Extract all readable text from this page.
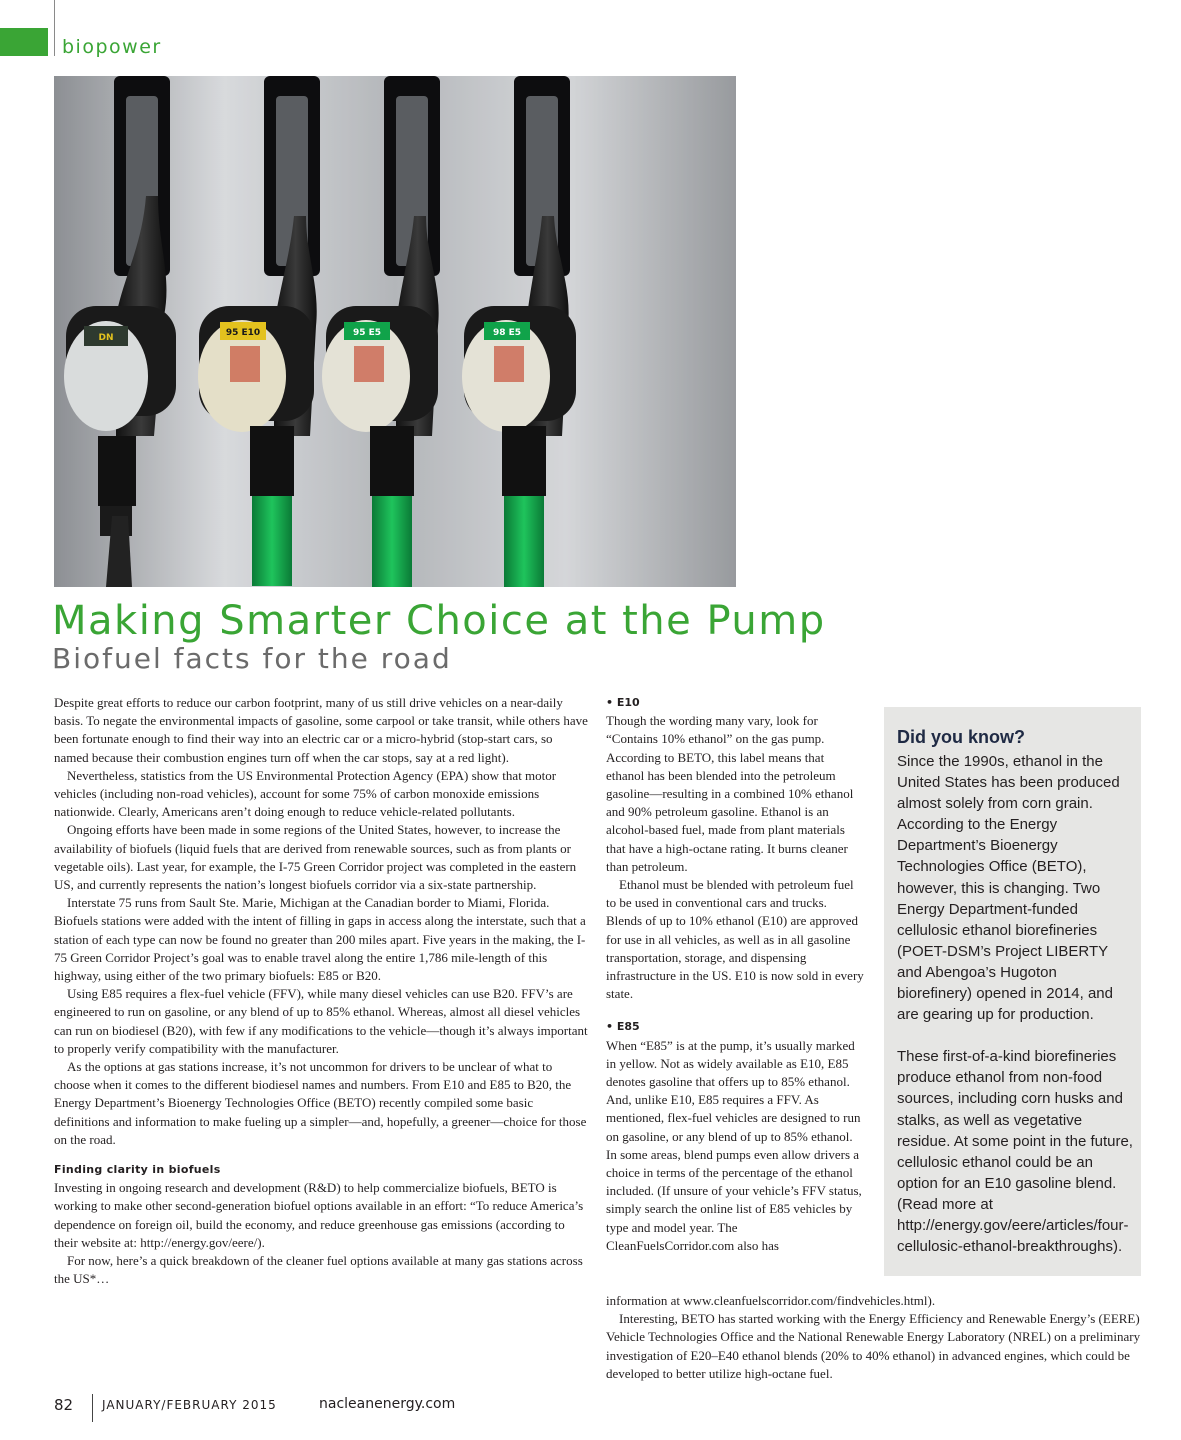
biopower
DN	95 E10	95 E5	98 E5
Making Smarter Choice at the Pump
Biofuel facts for the road

Despite great efforts to reduce our carbon footprint, many of us still drive vehicles on a near-daily basis. To negate the environmental impacts of gasoline, some carpool or take transit, while others have been fortunate enough to find their way into an electric car or a micro-hybrid (stop-start cars, so named because their combustion engines turn off when the car stops, say at a red light).

Nevertheless, statistics from the US Environmental Protection Agency (EPA) show that motor vehicles (including non-road vehicles), account for some 75% of carbon monoxide emissions nationwide. Clearly, Americans aren’t doing enough to reduce vehicle-related pollutants.

Ongoing efforts have been made in some regions of the United States, however, to increase the availability of biofuels (liquid fuels that are derived from renewable sources, such as from plants or vegetable oils). Last year, for example, the I-75 Green Corridor project was completed in the eastern US, and currently represents the nation’s longest biofuels corridor via a six-state partnership.

Interstate 75 runs from Sault Ste. Marie, Michigan at the Canadian border to Miami, Florida. Biofuels stations were added with the intent of filling in gaps in access along the interstate, such that a station of each type can now be found no greater than 200 miles apart. Five years in the making, the I-75 Green Corridor Project’s goal was to enable travel along the entire 1,786 mile-length of this highway, using either of the two primary biofuels: E85 or B20.

Using E85 requires a flex-fuel vehicle (FFV), while many diesel vehicles can use B20. FFV’s are engineered to run on gasoline, or any blend of up to 85% ethanol. Whereas, almost all diesel vehicles can run on biodiesel (B20), with few if any modifications to the vehicle—though it’s always important to properly verify compatibility with the manufacturer.

As the options at gas stations increase, it’s not uncommon for drivers to be unclear of what to choose when it comes to the different biodiesel names and numbers. From E10 and E85 to B20, the Energy Department’s Bioenergy Technologies Office (BETO) recently compiled some basic definitions and information to make fueling up a simpler—and, hopefully, a greener—choice for those on the road.

Finding clarity in biofuels

Investing in ongoing research and development (R&D) to help commercialize biofuels, BETO is working to make other second-generation biofuel options available in an effort: “To reduce America’s dependence on foreign oil, build the economy, and reduce greenhouse gas emissions (according to their website at: http://energy.gov/eere/).

For now, here’s a quick breakdown of the cleaner fuel options available at many gas stations across the US*…

• E10

Though the wording many vary, look for “Contains 10% ethanol” on the gas pump. According to BETO, this label means that ethanol has been blended into the petroleum gasoline—resulting in a combined 10% ethanol and 90% petroleum gasoline. Ethanol is an alcohol-based fuel, made from plant materials that have a high-octane rating. It burns cleaner than petroleum.

Ethanol must be blended with petroleum fuel to be used in conventional cars and trucks. Blends of up to 10% ethanol (E10) are approved for use in all vehicles, as well as in all gasoline transportation, storage, and dispensing infrastructure in the US. E10 is now sold in every state.

• E85

When “E85” is at the pump, it’s usually marked in yellow. Not as widely available as E10, E85 denotes gasoline that offers up to 85% ethanol. And, unlike E10, E85 requires a FFV. As mentioned, flex-fuel vehicles are designed to run on gasoline, or any blend of up to 85% ethanol. In some areas, blend pumps even allow drivers a choice in terms of the percentage of the ethanol included. (If unsure of your vehicle’s FFV status, simply search the online list of E85 vehicles by type and model year. The CleanFuelsCorridor.com also has

information at www.cleanfuelscorridor.com/findvehicles.html).

Interesting, BETO has started working with the Energy Efficiency and Renewable Energy’s (EERE) Vehicle Technologies Office and the National Renewable Energy Laboratory (NREL) on a preliminary investigation of E20–E40 ethanol blends (20% to 40% ethanol) in advanced engines, which could be developed to better utilize high-octane fuel.

Did you know?

Since the 1990s, ethanol in the United States has been produced almost solely from corn grain. According to the Energy Department’s Bioenergy Technologies Office (BETO), however, this is changing. Two Energy Department-funded cellulosic ethanol biorefineries (POET-DSM’s Project LIBERTY and Abengoa’s Hugoton biorefinery) opened in 2014, and are gearing up for production.

These first-of-a-kind biorefineries produce ethanol from non-food sources, including corn husks and stalks, as well as vegetative residue. At some point in the future, cellulosic ethanol could be an option for an E10 gasoline blend. (Read more at http://energy.gov/eere/articles/four-cellulosic-ethanol-breakthroughs).

82 JANUARY/FEBRUARY 2015	nacleanenergy.com
